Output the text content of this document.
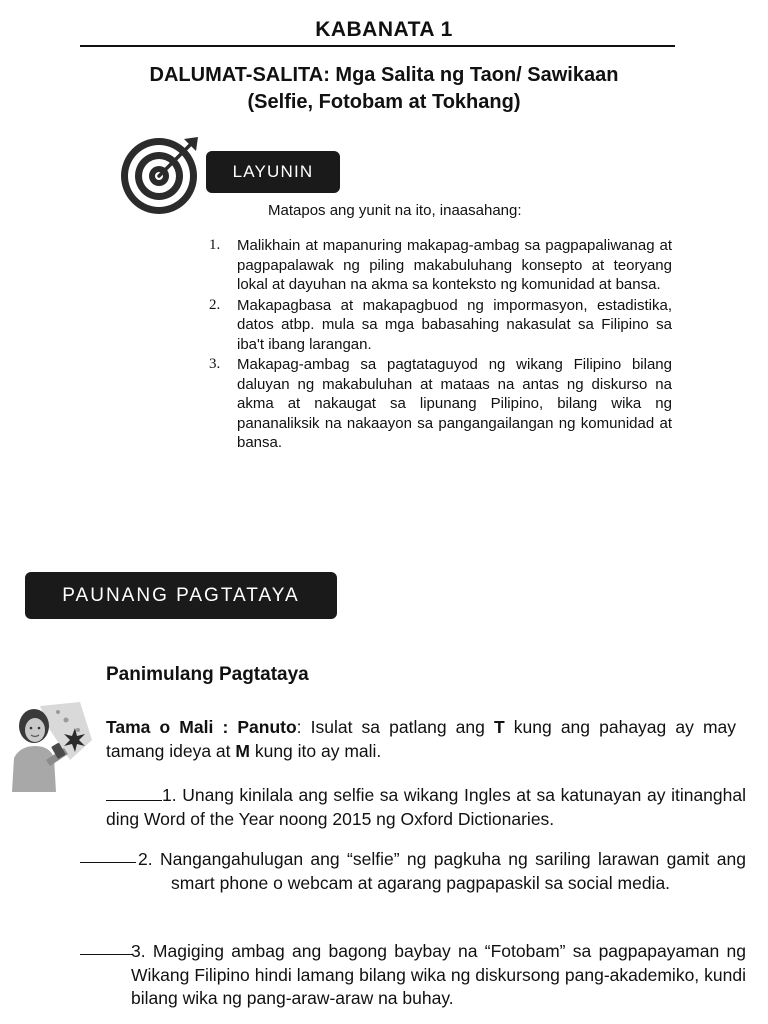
KABANATA 1
DALUMAT-SALITA: Mga Salita ng Taon/ Sawikaan
(Selfie, Fotobam at Tokhang)
LAYUNIN
Matapos ang yunit na ito, inaasahang:
1. Malikhain at mapanuring makapag-ambag sa pagpapaliwanag at pagpapalawak ng piling makabuluhang konsepto at teoryang lokal at dayuhan na akma sa konteksto ng komunidad at bansa.
2. Makapagbasa at makapagbuod ng impormasyon, estadistika, datos atbp. mula sa mga babasahing nakasulat sa Filipino sa iba't ibang larangan.
3. Makapag-ambag sa pagtataguyod ng wikang Filipino bilang daluyan ng makabuluhan at mataas na antas ng diskurso na akma at nakaugat sa lipunang Pilipino, bilang wika ng pananaliksik na nakaayon sa pangangailangan ng komunidad at bansa.
PAUNANG PAGTATAYA
Panimulang Pagtataya
Tama o Mali : Panuto: Isulat sa patlang ang T kung ang pahayag ay may tamang ideya at M kung ito ay mali.
1. Unang kinilala ang selfie sa wikang Ingles at sa katunayan ay itinanghal ding Word of the Year noong 2015 ng Oxford Dictionaries.
2. Nangangahulugan ang “selfie” ng pagkuha ng sariling larawan gamit ang smart phone o webcam at agarang pagpapaskil sa social media.
3. Magiging ambag ang bagong baybay na “Fotobam” sa pagpapayaman ng Wikang Filipino hindi lamang bilang wika ng diskursong pang-akademiko, kundi bilang wika ng pang-araw-araw na buhay.
